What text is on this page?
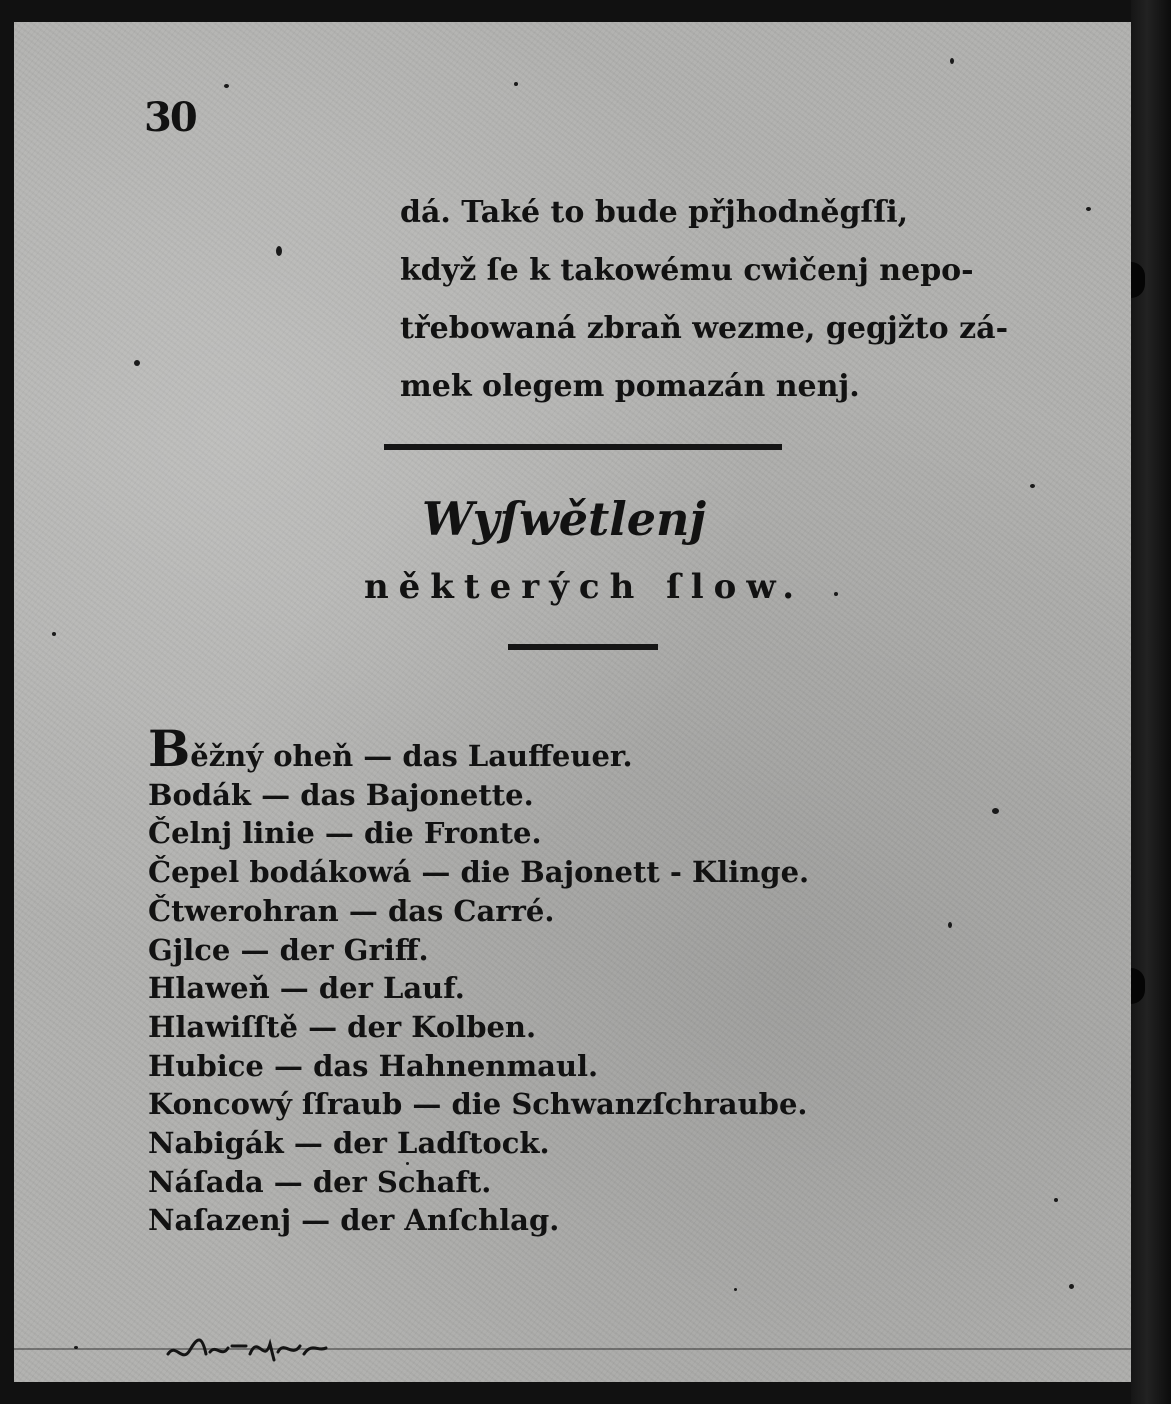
30
dá. Také to bude přjhodněgſſi,
když ſe k takowému cwičenj nepo-
třebowaná zbraň wezme, gegjžto zá-
mek olegem pomazán nenj.
Wyſwětlenj
některých ſlow.
Běžný oheň — das Lauffeuer.
Bodák — das Bajonette.
Čelnj linie — die Fronte.
Čepel bodákowá — die Bajonett - Klinge.
Čtwerohran — das Carré.
Gjlce — der Griff.
Hlaweň — der Lauf.
Hlawiſſtě — der Kolben.
Hubice — das Hahnenmaul.
Koncowý ſſraub — die Schwanzſchraube.
Nabigák — der Ladſtock.
Náſada — der Schaft.
Naſazenj — der Anſchlag.
